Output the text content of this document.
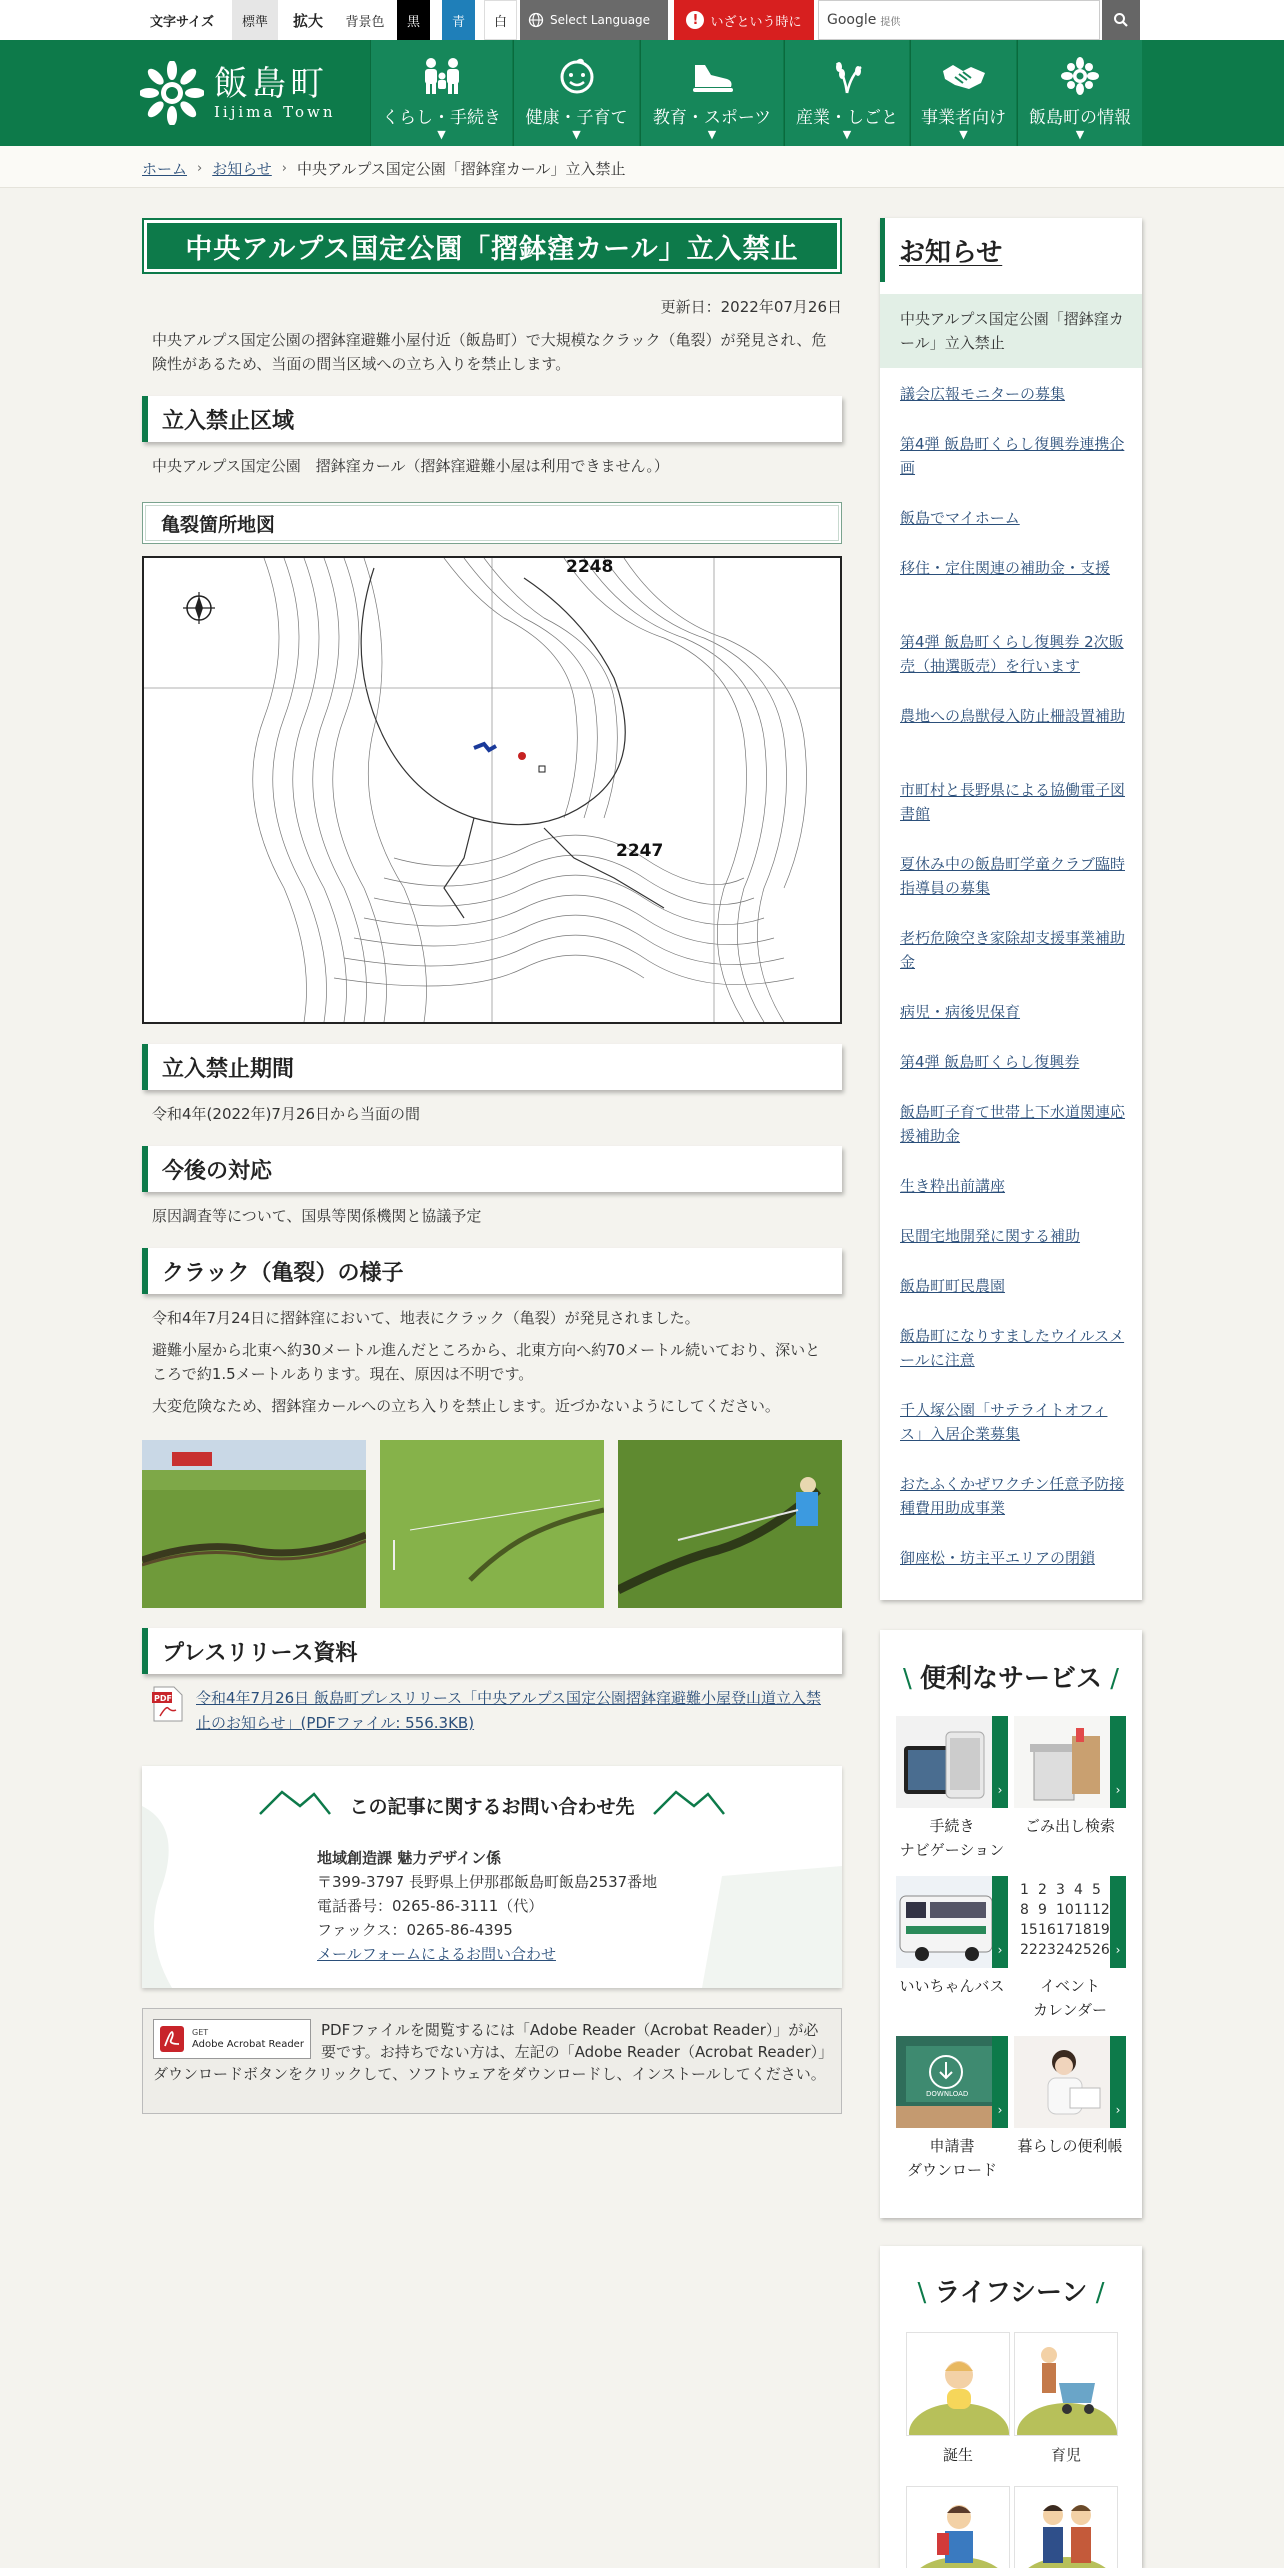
文字サイズ	標準	拡大	背景色	黒	青	白	Select Language	! いざという時に Google 提供
飯島町
Iijima Town	くらし・手続き
▼
健康・子育て
▼
教育・スポーツ
▼
産業・しごと
▼
事業者向け
▼
飯島町の情報
▼
ホーム › お知らせ › 中央アルプス国定公園「摺鉢窪カール」立入禁止
中央アルプス国定公園「摺鉢窪カール」立入禁止
更新日：2022年07月26日

中央アルプス国定公園の摺鉢窪避難小屋付近（飯島町）で大規模なクラック（亀裂）が発見され、危険性があるため、当面の間当区域への立ち入りを禁止します。

立入禁止区域

中央アルプス国定公園　摺鉢窪カール（摺鉢窪避難小屋は利用できません。）

亀裂箇所地図
2248
2247
立入禁止期間

令和4年(2022年)7月26日から当面の間

今後の対応

原因調査等について、国県等関係機関と協議予定

クラック（亀裂）の様子

令和4年7月24日に摺鉢窪において、地表にクラック（亀裂）が発見されました。

避難小屋から北東へ約30メートル進んだところから、北東方向へ約70メートル続いており、深いところで約1.5メートルあります。現在、原因は不明です。

大変危険なため、摺鉢窪カールへの立ち入りを禁止します。近づかないようにしてください。

プレスリリース資料
PDF 令和4年7月26日 飯島町プレスリリース「中央アルプス国定公園摺鉢窪避難小屋登山道立入禁止のお知らせ」(PDFファイル: 556.3KB)
この記事に関するお問い合わせ先
地域創造課 魅力デザイン係
〒399-3797 長野県上伊那郡飯島町飯島2537番地
電話番号：0265-86-3111（代）
ファックス：0265-86-4395
メールフォームによるお問い合わせ
GET
Adobe Acrobat Reader
PDFファイルを閲覧するには「Adobe Reader（Acrobat Reader）」が必要です。お持ちでない方は、左記の「Adobe Reader（Acrobat Reader）」ダウンロードボタンをクリックして、ソフトウェアをダウンロードし、インストールしてください。
お知らせ
中央アルプス国定公園「摺鉢窪カール」立入禁止
議会広報モニターの募集
第4弾 飯島町くらし復興券連携企画
飯島でマイホーム
移住・定住関連の補助金・支援
第4弾 飯島町くらし復興券 2次販売（抽選販売）を行います
農地への鳥獣侵入防止柵設置補助
市町村と長野県による協働電子図書館
夏休み中の飯島町学童クラブ臨時指導員の募集
老朽危険空き家除却支援事業補助金
病児・病後児保育
第4弾 飯島町くらし復興券
飯島町子育て世帯上下水道関連応援補助金
生き粋出前講座
民間宅地開発に関する補助
飯島町町民農園
飯島町になりすましたウイルスメールに注意
千人塚公園「サテライトオフィス」入居企業募集
おたふくかぜワクチン任意予防接種費用助成事業
御座松・坊主平エリアの閉鎖
\ 便利なサービス /
›
手続き
ナビゲーション
›
ごみ出し検索
›
いいちゃんバス
1 2 3 4 5
8 9 10 11 12
15 16 17 18 19
22 23 24 25 26 ›
イベント
カレンダー
DOWNLOAD
›
申請書
ダウンロード
›
暮らしの便利帳
\ ライフシーン /
誕生	育児
